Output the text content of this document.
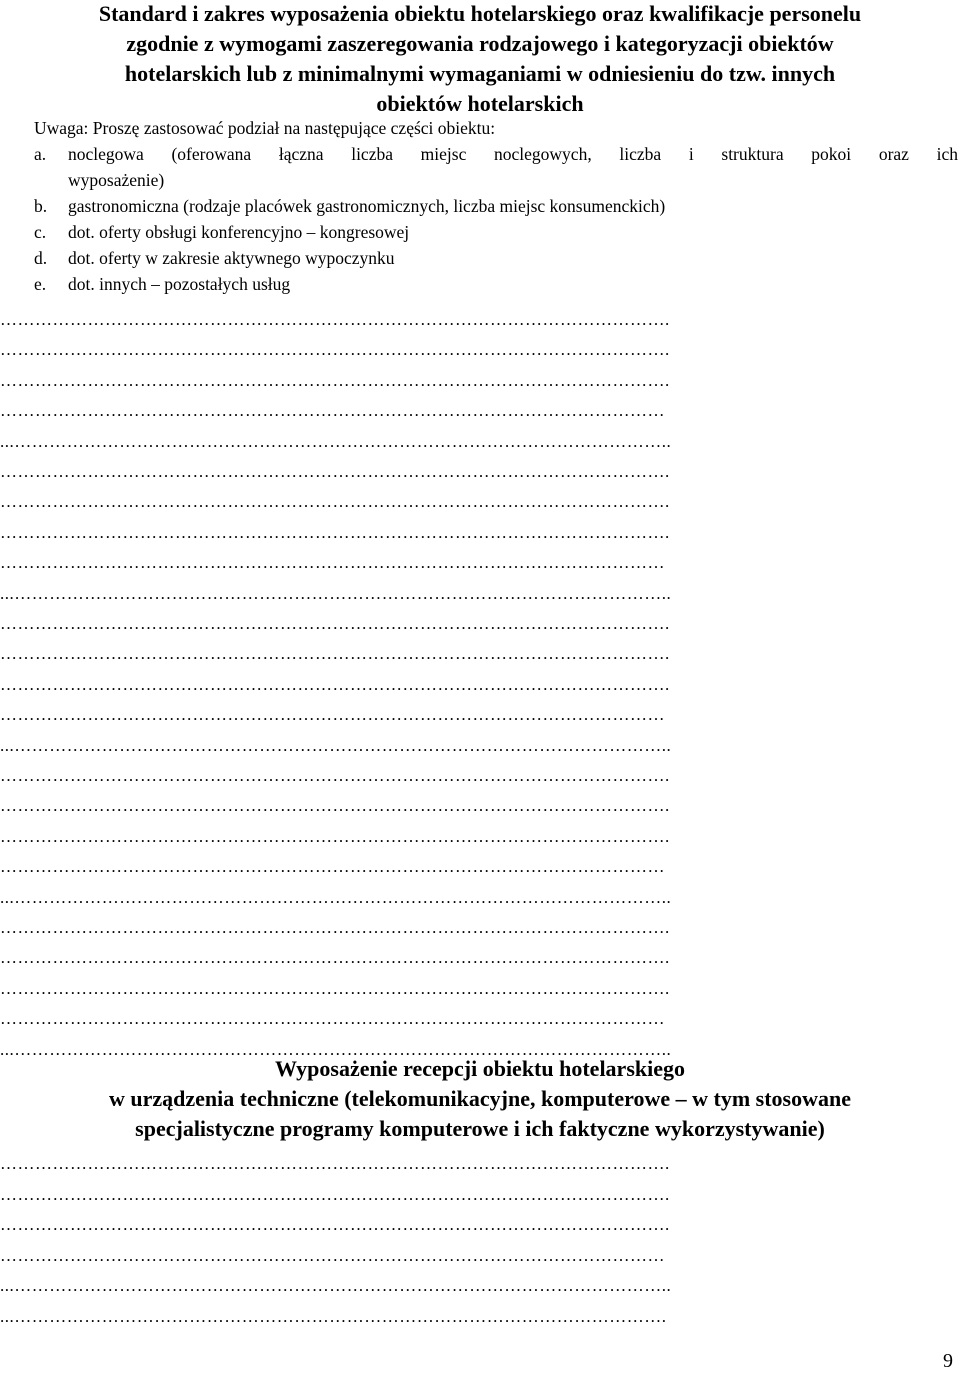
Standard i zakres wyposażenia obiektu hotelarskiego oraz kwalifikacje personelu

zgodnie z wymogami zaszeregowania rodzajowego i kategoryzacji obiektów

hotelarskich lub z minimalnymi wymaganiami w odniesieniu do tzw. innych

obiektów hotelarskich

Uwaga: Proszę zastosować podział na następujące części obiektu:
a.	noclegowa (oferowana łączna liczba miejsc noclegowych, liczba i struktura pokoi oraz ich
wyposażenie)
b.	gastronomiczna (rodzaje placówek gastronomicznych, liczba miejsc konsumenckich)
c.	dot. oferty obsługi konferencyjno – kongresowej
d.	dot. oferty w zakresie aktywnego wypoczynku
e.	dot. innych – pozostałych usług
…………………………………………………………………………………………………….
…………………………………………………………………………………………………….
…………………………………………………………………………………………………….
……………………………………………………………………………………………………
...…………………………………………………………………………………………………..
…………………………………………………………………………………………………….
…………………………………………………………………………………………………….
…………………………………………………………………………………………………….
……………………………………………………………………………………………………
...…………………………………………………………………………………………………..
…………………………………………………………………………………………………….
…………………………………………………………………………………………………….
…………………………………………………………………………………………………….
……………………………………………………………………………………………………
...…………………………………………………………………………………………………..
…………………………………………………………………………………………………….
…………………………………………………………………………………………………….
…………………………………………………………………………………………………….
……………………………………………………………………………………………………
...…………………………………………………………………………………………………..
…………………………………………………………………………………………………….
…………………………………………………………………………………………………….
…………………………………………………………………………………………………….
……………………………………………………………………………………………………
...…………………………………………………………………………………………………..

Wyposażenie recepcji obiektu hotelarskiego

w urządzenia techniczne (telekomunikacyjne, komputerowe – w tym stosowane

specjalistyczne programy komputerowe i ich faktyczne wykorzystywanie)

…………………………………………………………………………………………………….
…………………………………………………………………………………………………….
…………………………………………………………………………………………………….
……………………………………………………………………………………………………
...…………………………………………………………………………………………………..
...………………………………………………………………………………………………….
9
